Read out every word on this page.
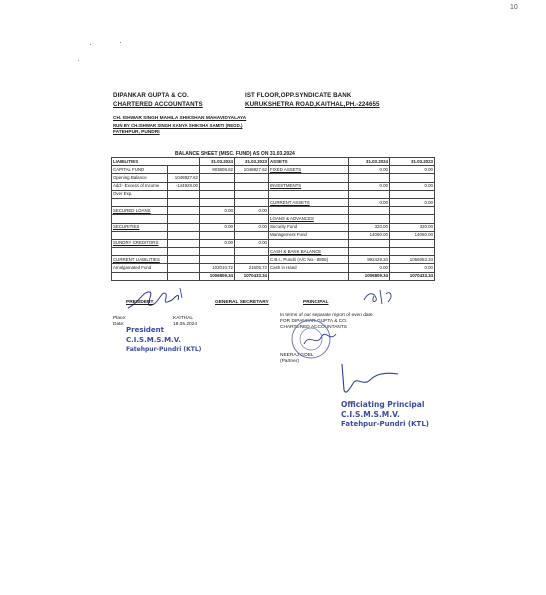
10
DIPANKAR GUPTA & CO.
CHARTERED ACCOUNTANTS
IST FLOOR,OPP.SYNDICATE BANK
KURUKSHETRA ROAD,KAITHAL,PH.-224655
CH. ISHWAR SINGH MAHILA SHIKSHAN MAHAVIDYALAYA
RUN BY CH.ISHWAR SINGH KANYA SHIKSHA SAMITI (REGD.)
FATEHPUR, PUNDRI
BALANCE SHEET (MISC. FUND) AS ON 31.03.2024
LIABILITIES		31.03.2024	31.03.2023	ASSETS	31.03.2024	31.03.2023
CAPITAL FUND		903808.62	1048827.62	FIXED ASSETS	0.00	0.00
Opening Balance	1048827.62					
Add:- Excess of Income	-144928.00			INVESTMENTS	0.00	0.00
Over Exp.						
				CURRENT ASSETS	0.00	0.00
SECURED LOANS		0.00	0.00			
				LOANS & ADVANCES		
SECURITIES		0.00	0.00	Security Fund	320.00	320.00
				Management Fund	14060.00	14060.00
SUNDRY CREDITORS		0.00	0.00			
				CASH & BANK BALANCE		
CURRENT LIABILITIES				C.B.I., Pundri (A/C No.- 8806)	992429.34	1056053.34
Amalgamated Fund		102010.72	21605.72	Cash in Hand	0.00	0.00
		1006809.34	1070433.34		1006809.34	1070433.34
PRESIDENT	GENERAL SECRETARY	PRINCIPAL
Place:	KAITHAL
Date:	18.05.2024
President
C.I.S.M.S.M.V.
Fatehpur-Pundri (KTL)
In terms of our separate report of even date.
FOR DIPANKAR GUPTA & CO.
CHARTERED ACCOUNTANTS
NEERAJ GOEL
(Partner)
Officiating Principal
C.I.S.M.S.M.V.
Fatehpur-Pundri (KTL)
